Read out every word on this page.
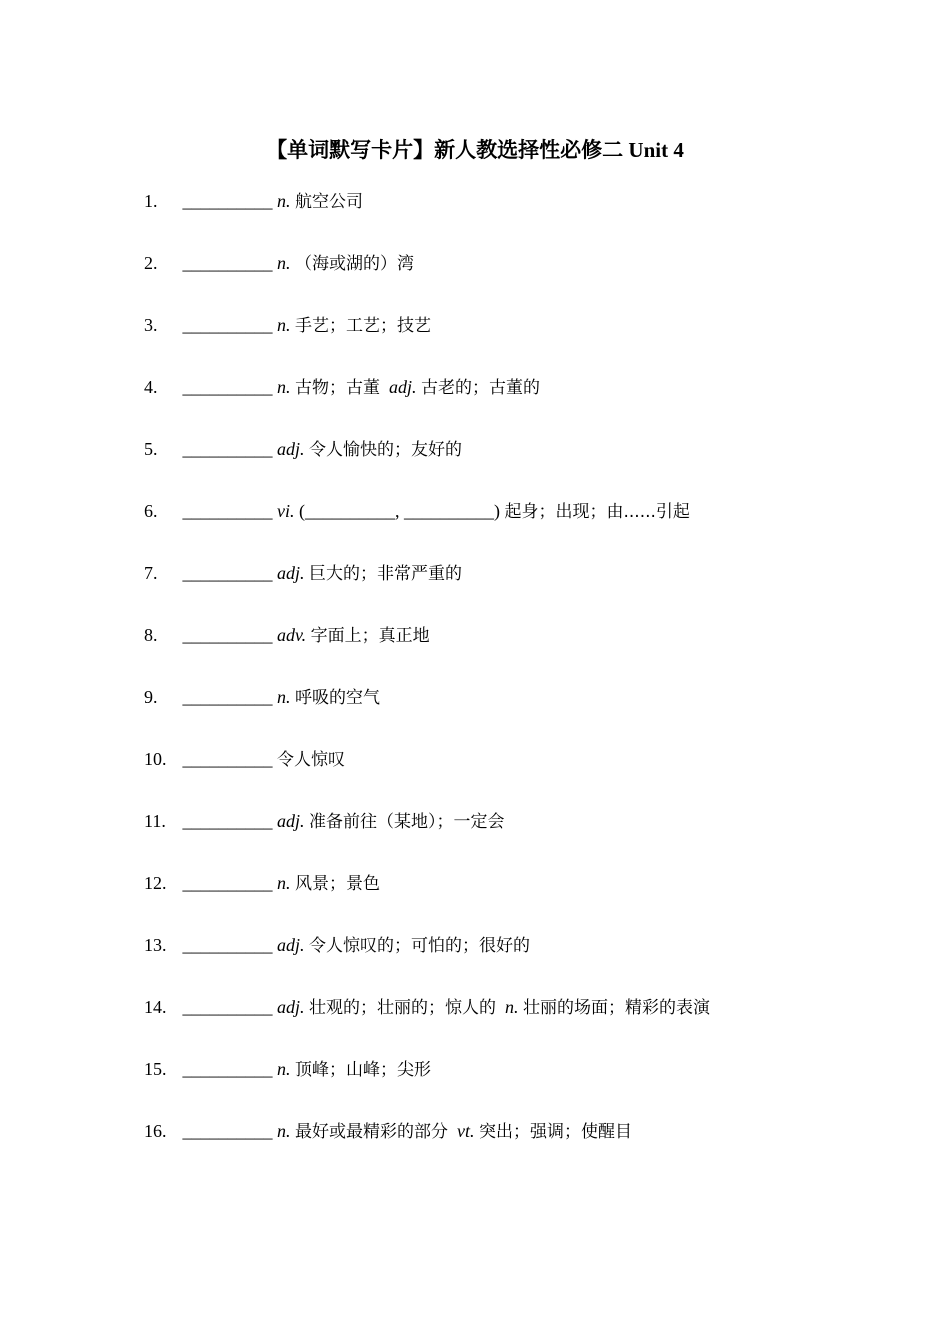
【单词默写卡片】新人教选择性必修二 Unit 4
1. __________ n. 航空公司
2. __________ n. （海或湖的）湾
3. __________ n. 手艺；工艺；技艺
4. __________ n. 古物；古董 adj. 古老的；古董的
5. __________ adj. 令人愉快的；友好的
6. __________ vi. (__________, __________) 起身；出现；由......引起
7. __________ adj. 巨大的；非常严重的
8. __________ adv. 字面上；真正地
9. __________ n. 呼吸的空气
10. __________ 令人惊叹
11. __________ adj. 准备前往（某地）；一定会
12. __________ n. 风景；景色
13. __________ adj. 令人惊叹的；可怕的；很好的
14. __________ adj. 壮观的；壮丽的；惊人的 n. 壮丽的场面；精彩的表演
15. __________ n. 顶峰；山峰；尖形
16. __________ n. 最好或最精彩的部分 vt. 突出；强调；使醒目
